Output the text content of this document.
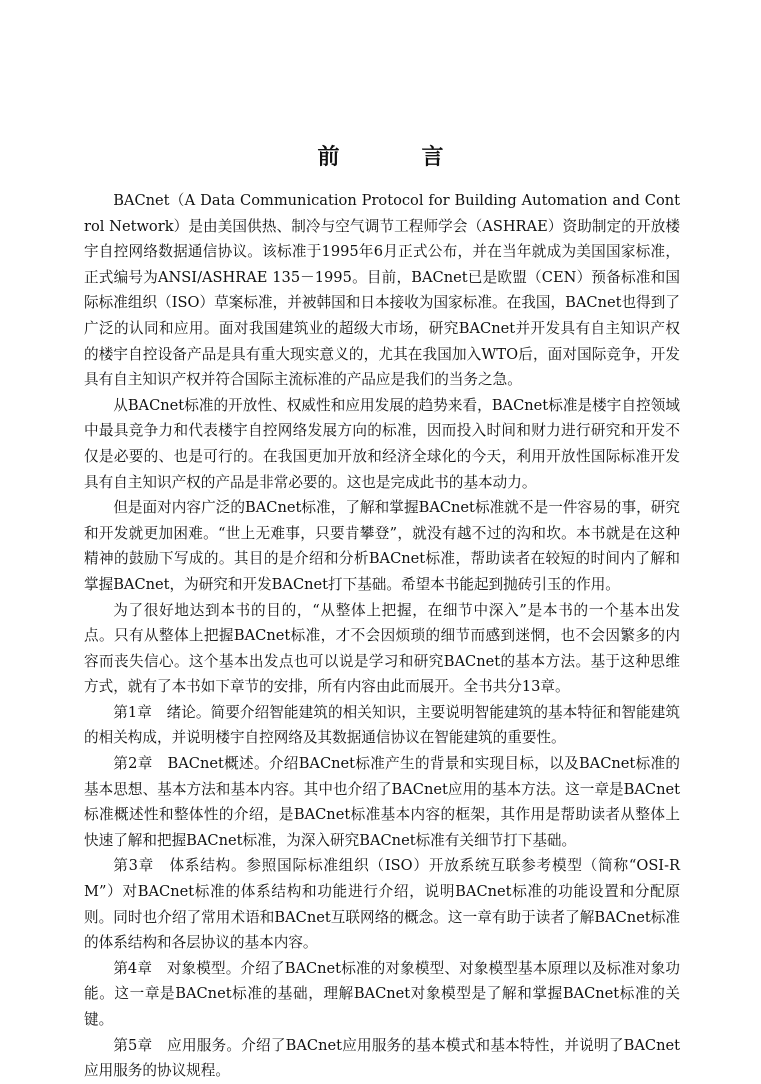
前　言

BACnet（A Data Communication Protocol for Building Automation and Control Network）是由美国供热、制冷与空气调节工程师学会（ASHRAE）资助制定的开放楼宇自控网络数据通信协议。该标准于1995年6月正式公布，并在当年就成为美国国家标准，正式编号为ANSI/ASHRAE 135－1995。目前，BACnet已是欧盟（CEN）预备标准和国际标准组织（ISO）草案标准，并被韩国和日本接收为国家标准。在我国，BACnet也得到了广泛的认同和应用。面对我国建筑业的超级大市场，研究BACnet并开发具有自主知识产权的楼宇自控设备产品是具有重大现实意义的，尤其在我国加入WTO后，面对国际竞争，开发具有自主知识产权并符合国际主流标准的产品应是我们的当务之急。

从BACnet标准的开放性、权威性和应用发展的趋势来看，BACnet标准是楼宇自控领域中最具竞争力和代表楼宇自控网络发展方向的标准，因而投入时间和财力进行研究和开发不仅是必要的、也是可行的。在我国更加开放和经济全球化的今天，利用开放性国际标准开发具有自主知识产权的产品是非常必要的。这也是完成此书的基本动力。

但是面对内容广泛的BACnet标准，了解和掌握BACnet标准就不是一件容易的事，研究和开发就更加困难。“世上无难事，只要肯攀登”，就没有越不过的沟和坎。本书就是在这种精神的鼓励下写成的。其目的是介绍和分析BACnet标准，帮助读者在较短的时间内了解和掌握BACnet，为研究和开发BACnet打下基础。希望本书能起到抛砖引玉的作用。

为了很好地达到本书的目的，“从整体上把握，在细节中深入”是本书的一个基本出发点。只有从整体上把握BACnet标准，才不会因烦琐的细节而感到迷惘，也不会因繁多的内容而丧失信心。这个基本出发点也可以说是学习和研究BACnet的基本方法。基于这种思维方式，就有了本书如下章节的安排，所有内容由此而展开。全书共分13章。

第1章　绪论。简要介绍智能建筑的相关知识，主要说明智能建筑的基本特征和智能建筑的相关构成，并说明楼宇自控网络及其数据通信协议在智能建筑的重要性。

第2章　BACnet概述。介绍BACnet标准产生的背景和实现目标，以及BACnet标准的基本思想、基本方法和基本内容。其中也介绍了BACnet应用的基本方法。这一章是BACnet标准概述性和整体性的介绍，是BACnet标准基本内容的框架，其作用是帮助读者从整体上快速了解和把握BACnet标准，为深入研究BACnet标准有关细节打下基础。

第3章　体系结构。参照国际标准组织（ISO）开放系统互联参考模型（简称“OSI-RM”）对BACnet标准的体系结构和功能进行介绍，说明BACnet标准的功能设置和分配原则。同时也介绍了常用术语和BACnet互联网络的概念。这一章有助于读者了解BACnet标准的体系结构和各层协议的基本内容。

第4章　对象模型。介绍了BACnet标准的对象模型、对象模型基本原理以及标准对象功能。这一章是BACnet标准的基础，理解BACnet对象模型是了解和掌握BACnet标准的关键。

第5章　应用服务。介绍了BACnet应用服务的基本模式和基本特性，并说明了BACnet应用服务的协议规程。
